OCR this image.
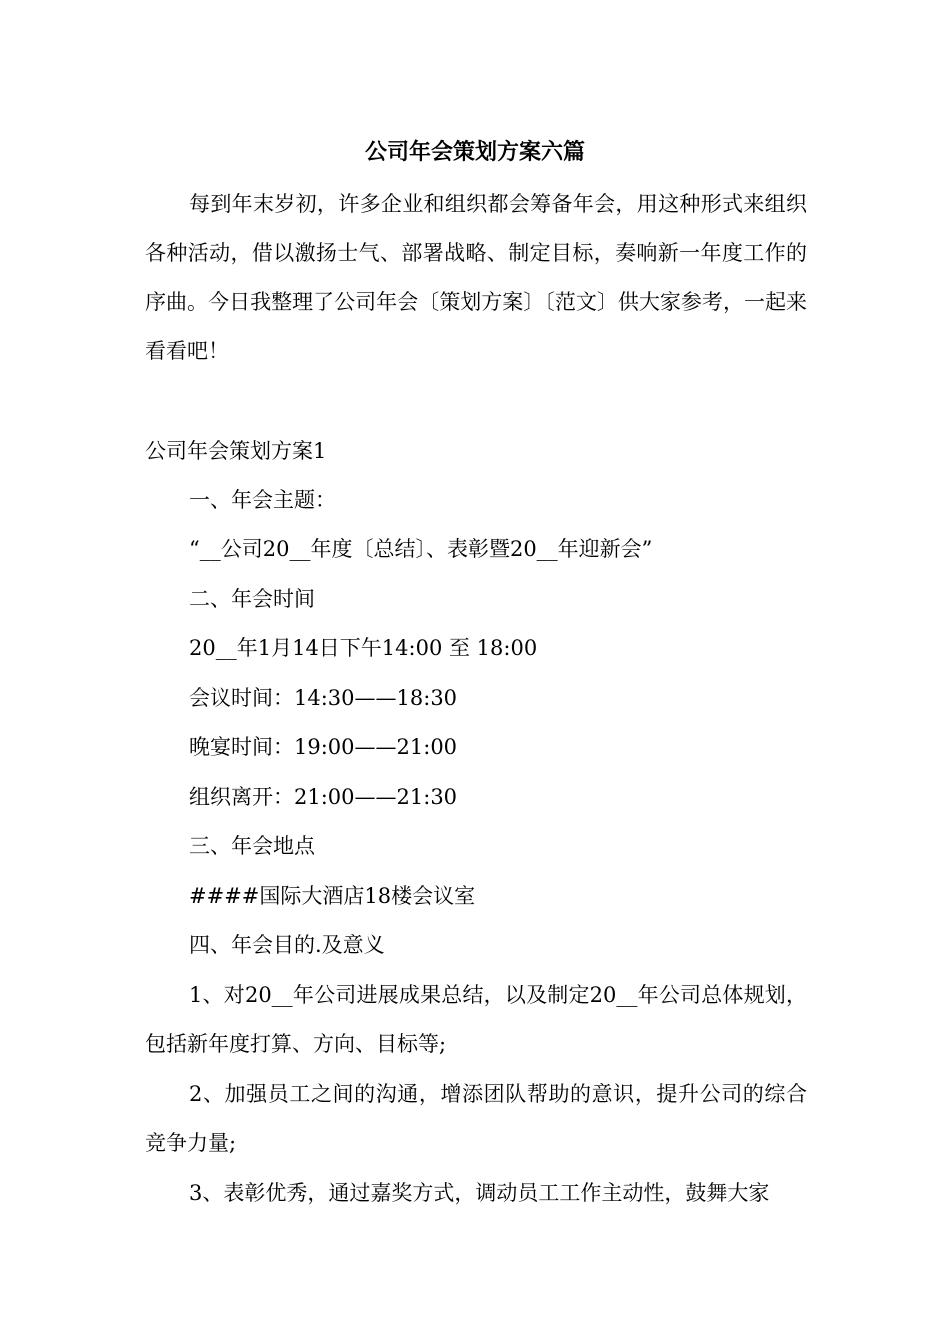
公司年会策划方案六篇

每到年末岁初，许多企业和组织都会筹备年会，用这种形式来组织各种活动，借以激扬士气、部署战略、制定目标，奏响新一年度工作的序曲。今日我整理了公司年会〔策划方案〕〔范文〕供大家参考，一起来看看吧！

公司年会策划方案1

一、年会主题：

“__公司20__年度〔总结〕、表彰暨20__年迎新会”

二、年会时间

20__年1月14日下午14:00 至 18:00

会议时间：14:30——18:30

晚宴时间：19:00——21:00

组织离开：21:00——21:30

三、年会地点

####国际大酒店18楼会议室

四、年会目的.及意义

1、对20__年公司进展成果总结，以及制定20__年公司总体规划，包括新年度打算、方向、目标等;

2、加强员工之间的沟通，增添团队帮助的意识，提升公司的综合竞争力量;

3、表彰优秀，通过嘉奖方式，调动员工工作主动性，鼓舞大家
